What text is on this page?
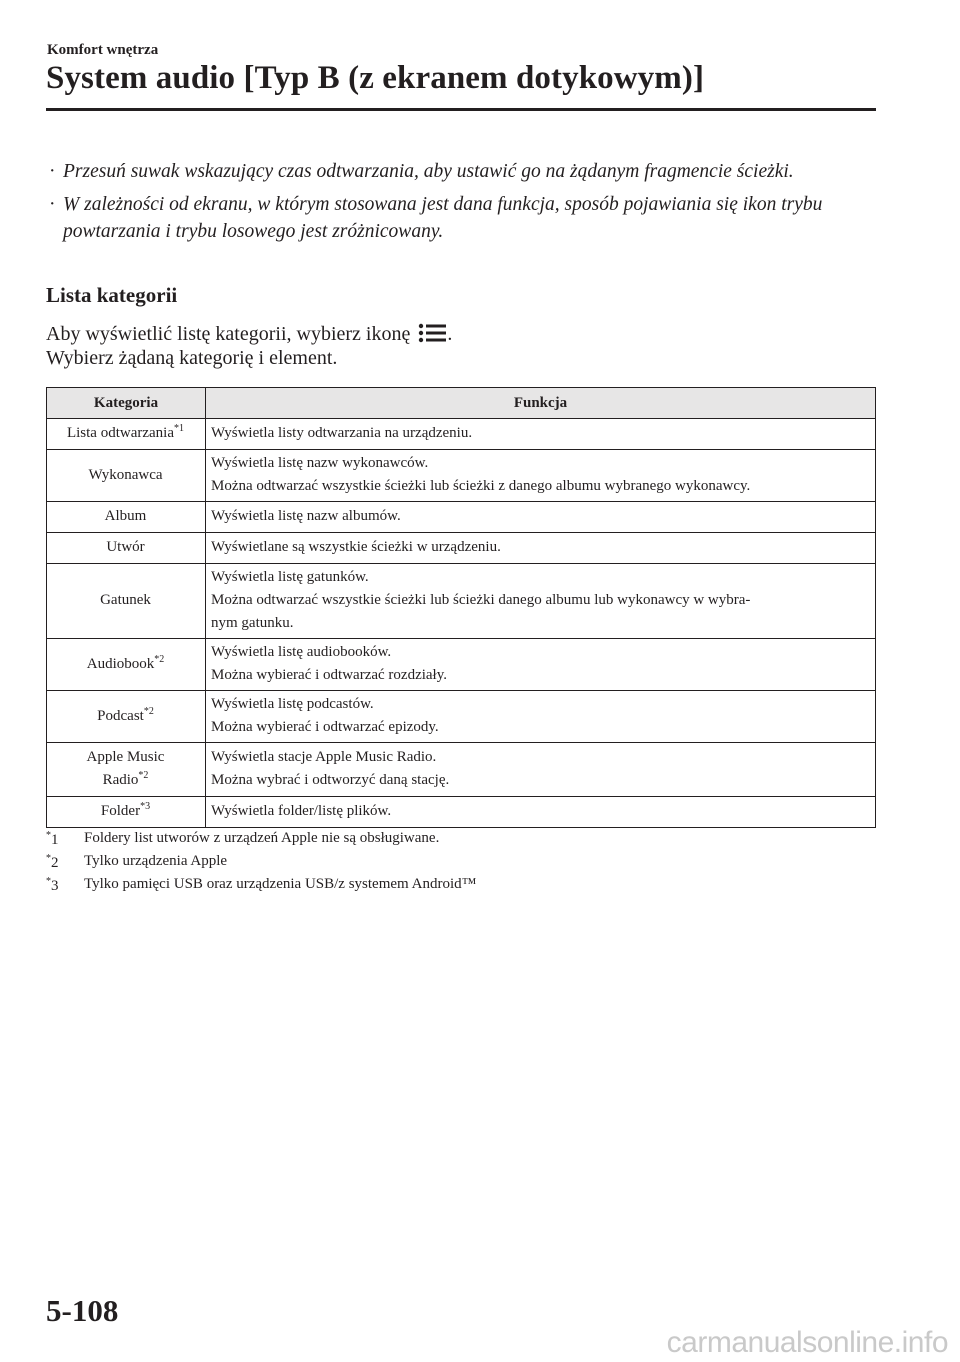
Komfort wnętrza
System audio [Typ B (z ekranem dotykowym)]
· Przesuń suwak wskazujący czas odtwarzania, aby ustawić go na żądanym fragmencie ścieżki.
· W zależności od ekranu, w którym stosowana jest dana funkcja, sposób pojawiania się ikon trybu powtarzania i trybu losowego jest zróżnicowany.
Lista kategorii
Aby wyświetlić listę kategorii, wybierz ikonę .
Wybierz żądaną kategorię i element.
Kategoria	Funkcja
Lista odtwarzania$^{*1}$	Wyświetla listy odtwarzania na urządzeniu.

Wykonawca	Wyświetla listę nazw wykonawców.
Można odtwarzać wszystkie ścieżki lub ścieżki z danego albumu wybranego wykonawcy.

Album	Wyświetla listę nazw albumów.

Utwór	Wyświetlane są wszystkie ścieżki w urządzeniu.

Gatunek	Wyświetla listę gatunków.
Można odtwarzać wszystkie ścieżki lub ścieżki danego albumu lub wykonawcy w wybra-
nym gatunku.

Audiobook$^{*2}$	Wyświetla listę audiobooków.
Można wybierać i odtwarzać rozdziały.

Podcast$^{*2}$	Wyświetla listę podcastów.
Można wybierać i odtwarzać epizody.

Apple Music
Radio$^{*2}$	Wyświetla stacje Apple Music Radio.
Można wybrać i odtworzyć daną stację.

Folder$^{*3}$	Wyświetla folder/listę plików.
*1 Foldery list utworów z urządzeń Apple nie są obsługiwane.
*2 Tylko urządzenia Apple
*3 Tylko pamięci USB oraz urządzenia USB/z systemem Android™
5-108
carmanualsonline.info
